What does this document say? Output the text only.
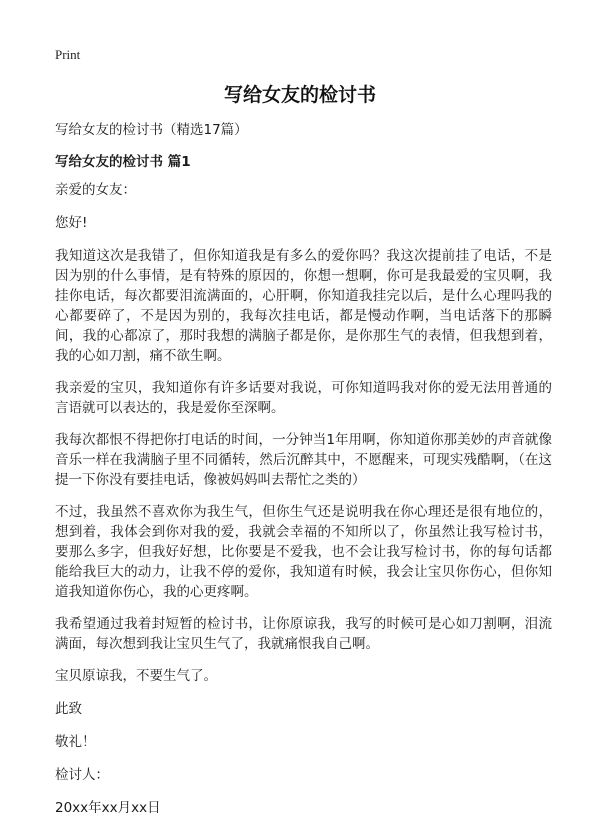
Print
写给女友的检讨书

写给女友的检讨书（精选17篇）

写给女友的检讨书 篇1

亲爱的女友：

您好!

我知道这次是我错了，但你知道我是有多么的爱你吗？我这次提前挂了电话，不是因为别的什么事情，是有特殊的原因的，你想一想啊，你可是我最爱的宝贝啊，我挂你电话，每次都要泪流满面的，心肝啊，你知道我挂完以后，是什么心理吗我的心都要碎了，不是因为别的，我每次挂电话，都是慢动作啊，当电话落下的那瞬间，我的心都凉了，那时我想的满脑子都是你，是你那生气的表情，但我想到着，我的心如刀割，痛不欲生啊。

我亲爱的宝贝，我知道你有许多话要对我说，可你知道吗我对你的爱无法用普通的言语就可以表达的，我是爱你至深啊。

我每次都恨不得把你打电话的时间，一分钟当1年用啊，你知道你那美妙的声音就像音乐一样在我满脑子里不同循转，然后沉醉其中，不愿醒来，可现实残酷啊，（在这提一下你没有要挂电话，像被妈妈叫去帮忙之类的）

不过，我虽然不喜欢你为我生气，但你生气还是说明我在你心理还是很有地位的，想到着，我体会到你对我的爱，我就会幸福的不知所以了，你虽然让我写检讨书，要那么多字，但我好好想，比你要是不爱我，也不会让我写检讨书，你的每句话都能给我巨大的动力，让我不停的爱你，我知道有时候，我会让宝贝你伤心，但你知道我知道你伤心，我的心更疼啊。

我希望通过我着封短暂的检讨书，让你原谅我，我写的时候可是心如刀割啊，泪流满面，每次想到我让宝贝生气了，我就痛恨我自己啊。

宝贝原谅我，不要生气了。

此致

敬礼！

检讨人：

20xx年xx月xx日
